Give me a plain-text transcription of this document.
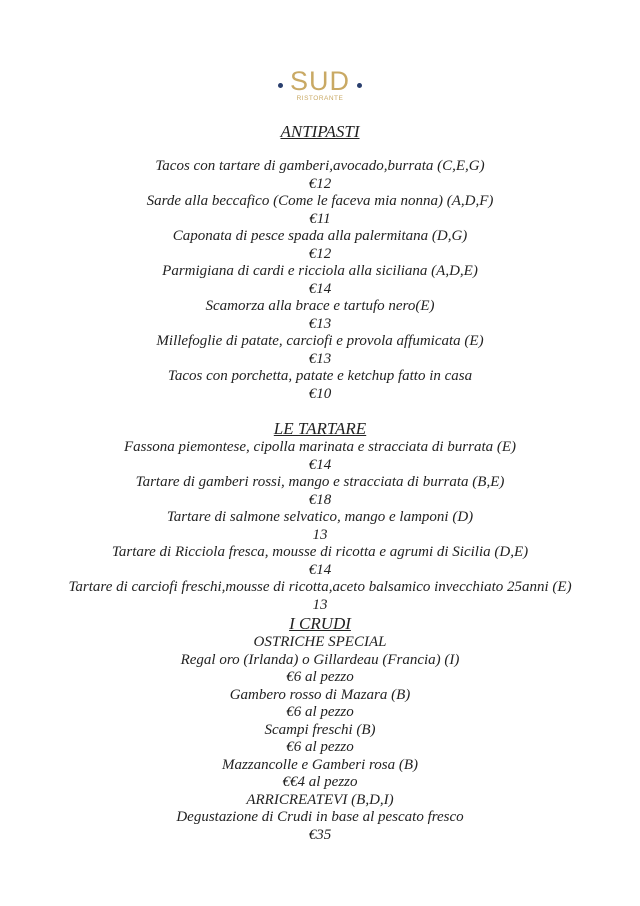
SUD
RISTORANTE
ANTIPASTI
Tacos con tartare di gamberi,avocado,burrata (C,E,G)
€12
Sarde alla beccafico (Come le faceva mia nonna) (A,D,F)
€11
Caponata di pesce spada alla palermitana (D,G)
€12
Parmigiana di cardi e ricciola alla siciliana (A,D,E)
€14
Scamorza alla brace e tartufo nero(E)
€13
Millefoglie di patate, carciofi e provola affumicata (E)
€13
Tacos con porchetta, patate e ketchup fatto in casa
€10
LE TARTARE
Fassona piemontese, cipolla marinata e stracciata di burrata (E)
€14
Tartare di gamberi rossi, mango e stracciata di burrata (B,E)
€18
Tartare di salmone selvatico, mango e lamponi (D)
13
Tartare di Ricciola fresca, mousse di ricotta e agrumi di Sicilia (D,E)
€14
Tartare di carciofi freschi,mousse di ricotta,aceto balsamico invecchiato 25anni (E)
13
I CRUDI
OSTRICHE SPECIAL
Regal oro (Irlanda) o Gillardeau (Francia) (I)
€6 al pezzo
Gambero rosso di Mazara (B)
€6 al pezzo
Scampi freschi (B)
€6 al pezzo
Mazzancolle e Gamberi rosa (B)
€€4 al pezzo
ARRICREATEVI (B,D,I)
Degustazione di Crudi in base al pescato fresco
€35
